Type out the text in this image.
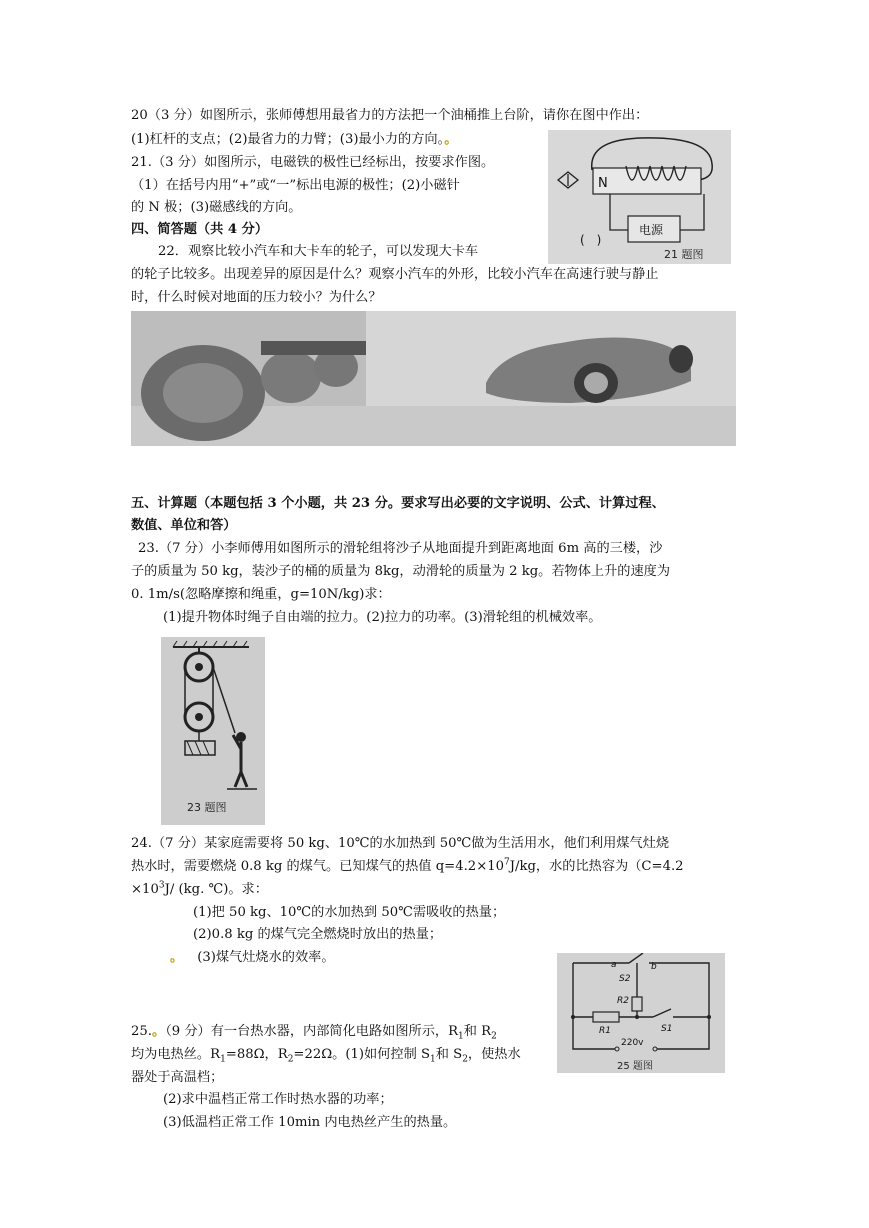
20（3 分）如图所示，张师傅想用最省力的方法把一个油桶推上台阶，请你在图中作出：
(1)杠杆的支点；(2)最省力的力臂；(3)最小力的方向。。
21.（3 分）如图所示，电磁铁的极性已经标出，按要求作图。
（1）在括号内用“+”或“一”标出电源的极性；(2)小磁针
的 N 极；(3)磁感线的方向。
N
电源
(　)
21 题图
四、简答题（共 4 分）
22．观察比较小汽车和大卡车的轮子，可以发现大卡车
的轮子比较多。出现差异的原因是什么？观察小汽车的外形，比较小汽车在高速行驶与静止
时，什么时候对地面的压力较小？为什么？
五、计算题（本题包括 3 个小题，共 23 分。要求写出必要的文字说明、公式、计算过程、
数值、单位和答）
23.（7 分）小李师傅用如图所示的滑轮组将沙子从地面提升到距离地面 6m 高的三楼，沙
子的质量为 50 kg，装沙子的桶的质量为 8kg，动滑轮的质量为 2 kg。若物体上升的速度为
0. 1m/s(忽略摩擦和绳重，g=10N/kg)求：
(1)提升物体时绳子自由端的拉力。(2)拉力的功率。(3)滑轮组的机械效率。
23 题图
24.（7 分）某家庭需要将 50 kg、10℃的水加热到 50℃做为生活用水，他们利用煤气灶烧
热水时，需要燃烧 0.8 kg 的煤气。已知煤气的热值 $q=4.2\times 10^7J/kg$，水的比热容为（C=4.2
$\times 10^3J/$ (kg. ℃)。求：
(1)把 50 kg、10℃的水加热到 50℃需吸收的热量；
(2)0.8 kg 的煤气完全燃烧时放出的热量；
。 (3)煤气灶烧水的效率。
25.。（9 分）有一台热水器，内部简化电路如图所示，$R_1$和 $R_2$
均为电热丝。$R_1=88\Omega$，$R_2=22\Omega$。(1)如何控制 $S_1$和 $S_2$，使热水
器处于高温档；
(2)求中温档正常工作时热水器的功率；
(3)低温档正常工作 10min 内电热丝产生的热量。
a	b
S2
R2
R1	S1
220v
25 题图
